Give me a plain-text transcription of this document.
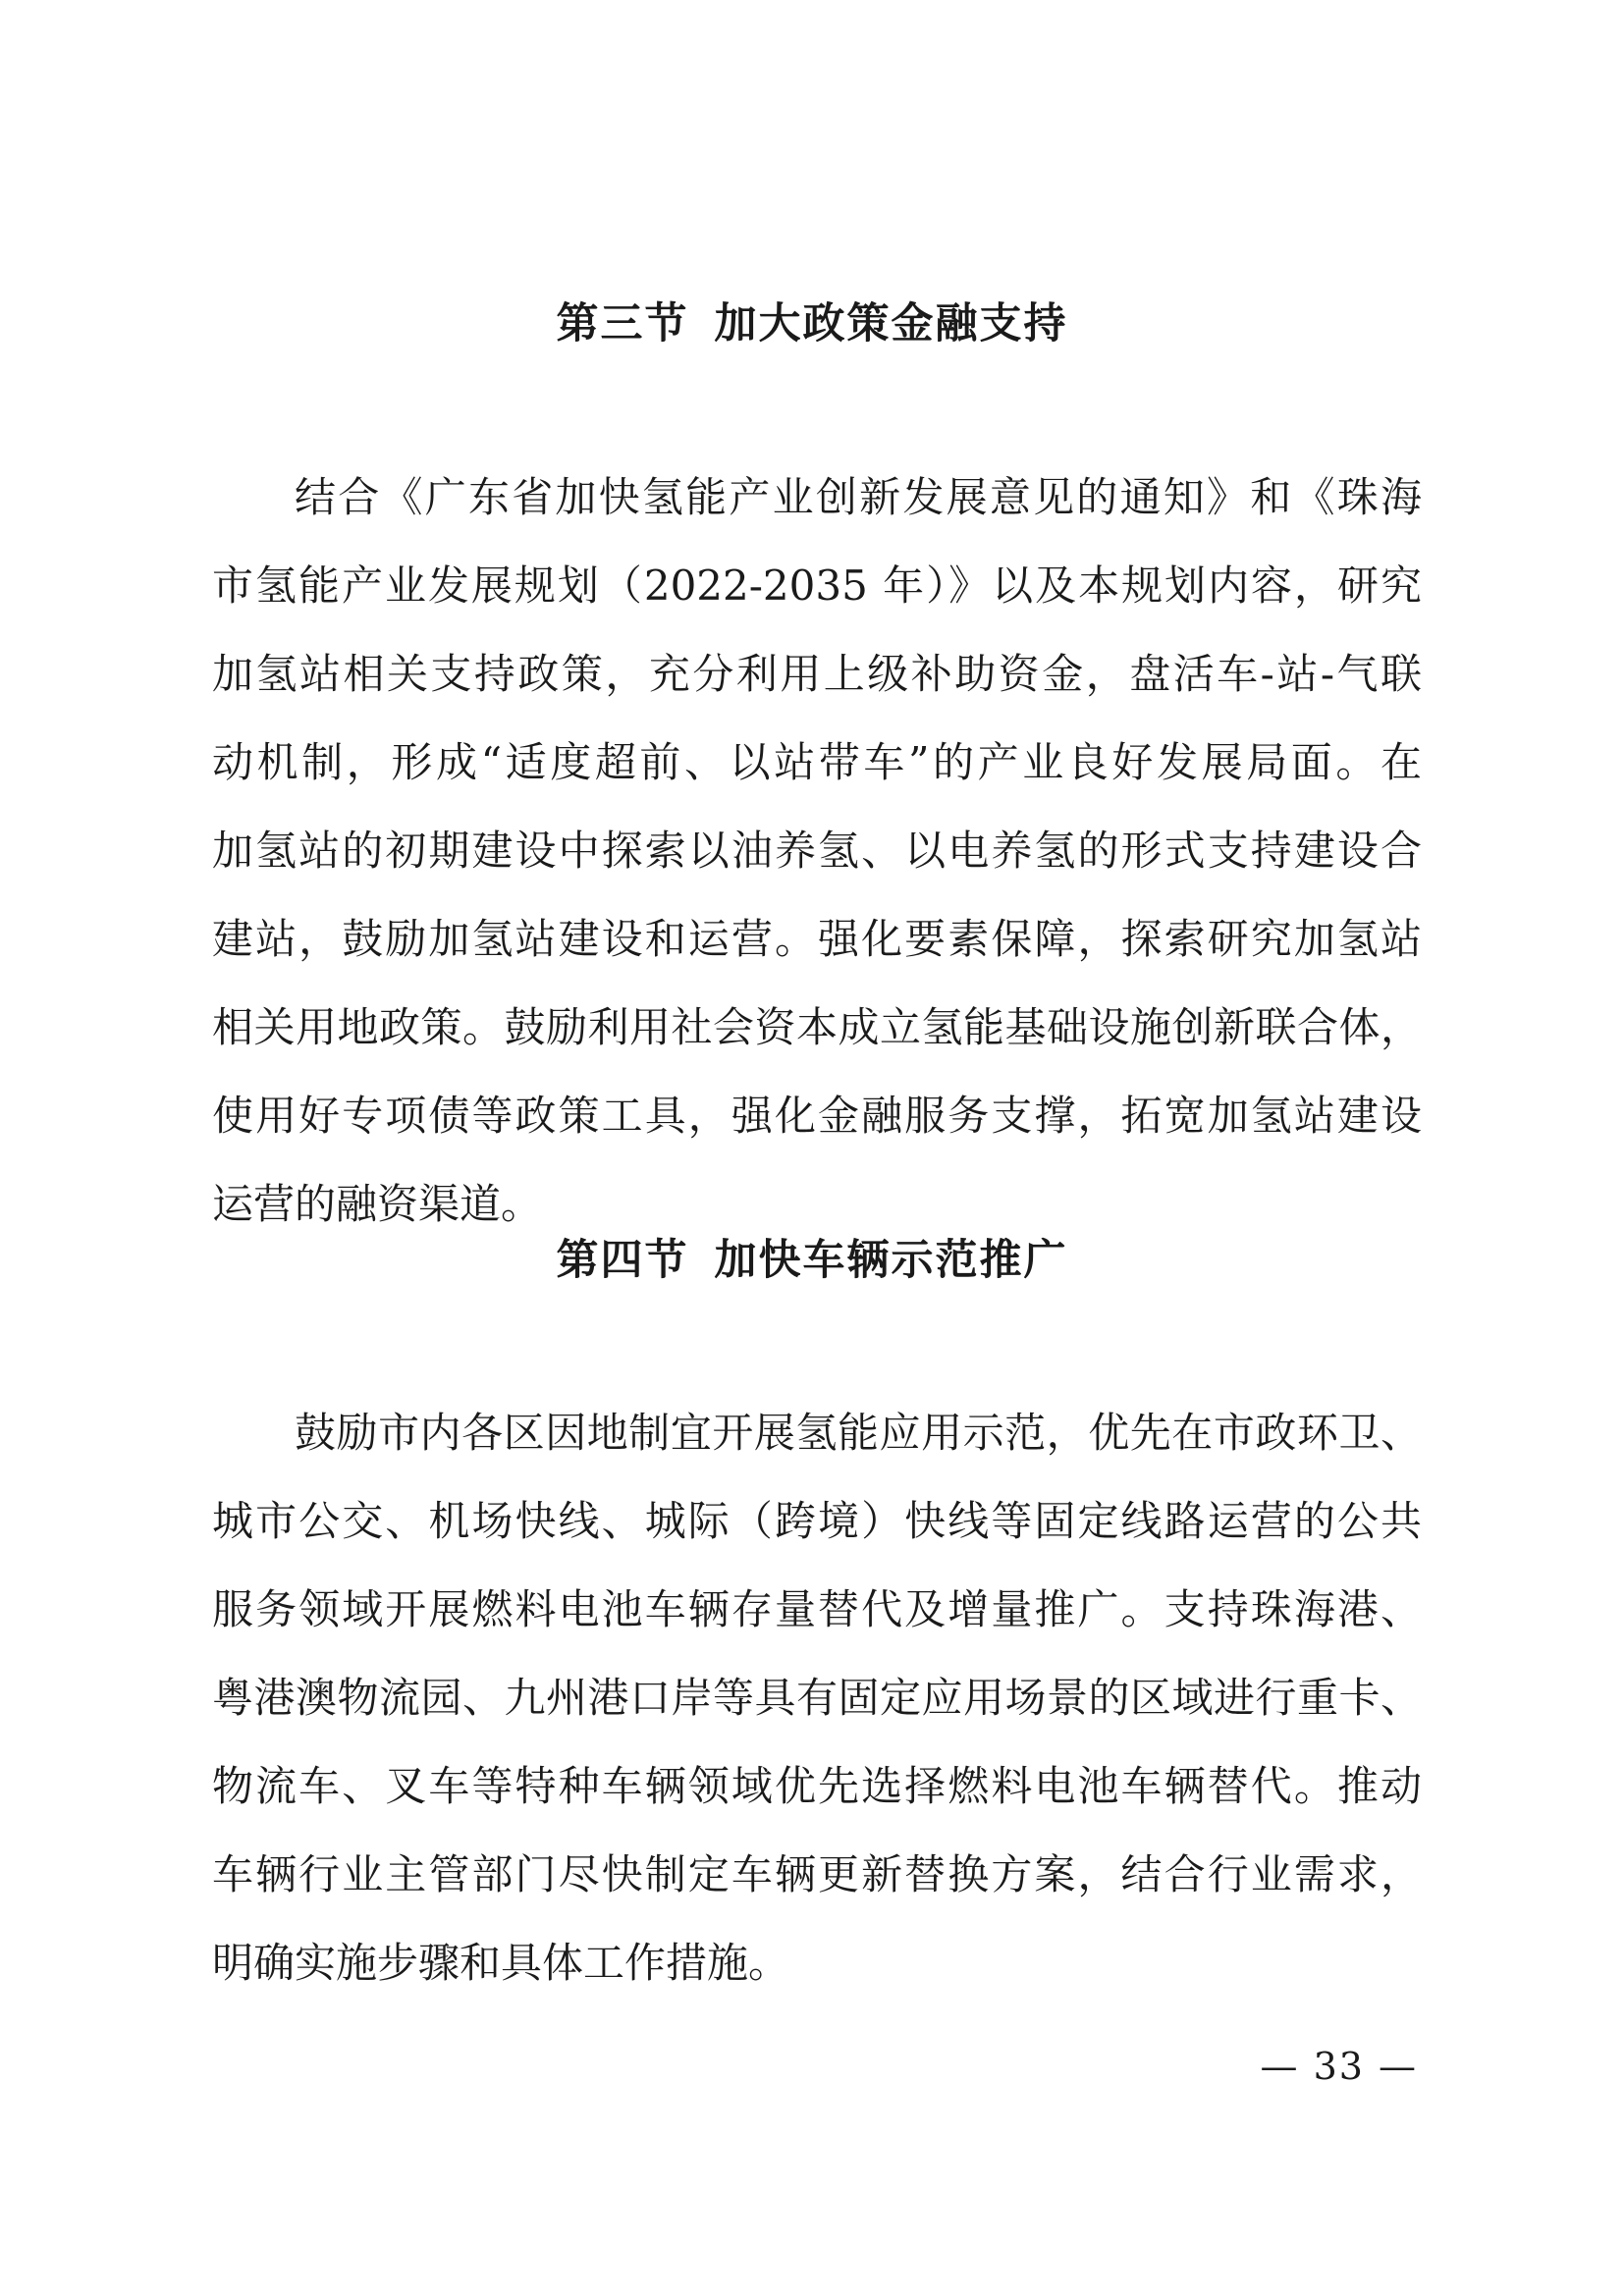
第三节 加大政策金融支持
结合《广东省加快氢能产业创新发展意见的通知》和《珠海
市氢能产业发展规划（2022-2035 年）》以及本规划内容，研究
加氢站相关支持政策，充分利用上级补助资金，盘活车-站-气联
动机制，形成“适度超前、以站带车”的产业良好发展局面。在
加氢站的初期建设中探索以油养氢、以电养氢的形式支持建设合
建站，鼓励加氢站建设和运营。强化要素保障，探索研究加氢站
相关用地政策。鼓励利用社会资本成立氢能基础设施创新联合体，
使用好专项债等政策工具，强化金融服务支撑，拓宽加氢站建设
运营的融资渠道。
第四节 加快车辆示范推广
鼓励市内各区因地制宜开展氢能应用示范，优先在市政环卫、
城市公交、机场快线、城际（跨境）快线等固定线路运营的公共
服务领域开展燃料电池车辆存量替代及增量推广。支持珠海港、
粤港澳物流园、九州港口岸等具有固定应用场景的区域进行重卡、
物流车、叉车等特种车辆领域优先选择燃料电池车辆替代。推动
车辆行业主管部门尽快制定车辆更新替换方案，结合行业需求，
明确实施步骤和具体工作措施。
— 33 —
